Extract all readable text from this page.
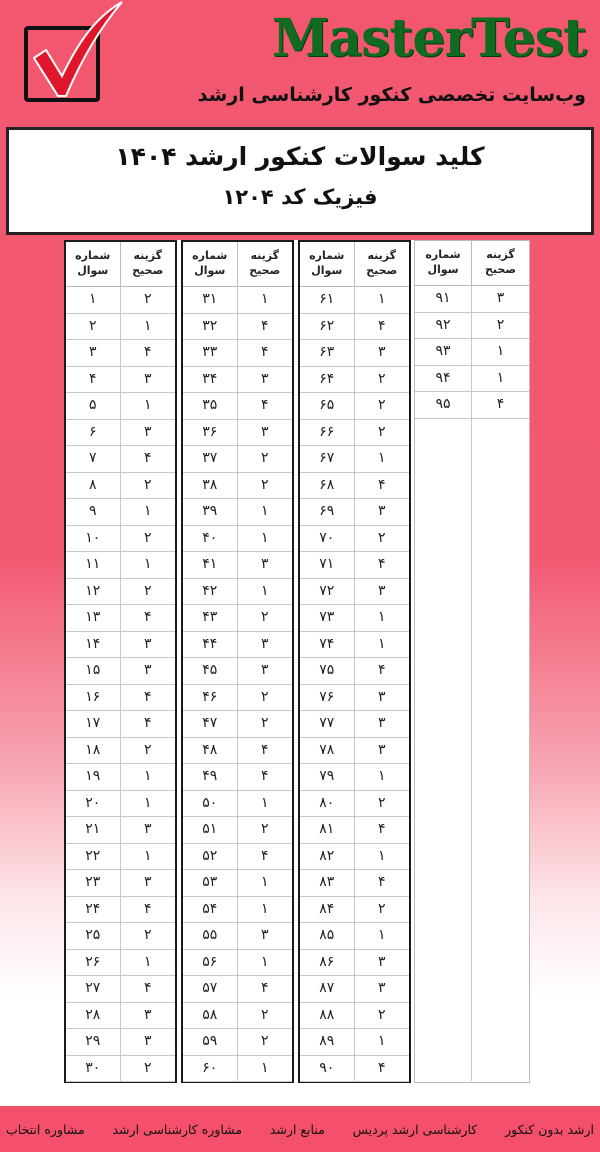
MasterTest
وب‌سایت تخصصی کنکور کارشناسی ارشد
کلید سوالات کنکور ارشد ۱۴۰۴
فیزیک کد ۱۲۰۴
شماره سوال
گزینه صحیح
۱	۲
۲	۱
۳	۴
۴	۳
۵	۱
۶	۳
۷	۴
۸	۲
۹	۱
۱۰	۲
۱۱	۱
۱۲	۲
۱۳	۴
۱۴	۳
۱۵	۳
۱۶	۴
۱۷	۴
۱۸	۲
۱۹	۱
۲۰	۱
۲۱	۳
۲۲	۱
۲۳	۳
۲۴	۴
۲۵	۲
۲۶	۱
۲۷	۴
۲۸	۳
۲۹	۳
۳۰	۲
شماره سوال
گزینه صحیح
۳۱	۱
۳۲	۴
۳۳	۴
۳۴	۳
۳۵	۴
۳۶	۳
۳۷	۲
۳۸	۲
۳۹	۱
۴۰	۱
۴۱	۳
۴۲	۱
۴۳	۲
۴۴	۳
۴۵	۳
۴۶	۲
۴۷	۲
۴۸	۴
۴۹	۴
۵۰	۱
۵۱	۲
۵۲	۴
۵۳	۱
۵۴	۱
۵۵	۳
۵۶	۱
۵۷	۴
۵۸	۲
۵۹	۲
۶۰	۱
شماره سوال
گزینه صحیح
۶۱	۱
۶۲	۴
۶۳	۳
۶۴	۲
۶۵	۲
۶۶	۲
۶۷	۱
۶۸	۴
۶۹	۳
۷۰	۲
۷۱	۴
۷۲	۳
۷۳	۱
۷۴	۱
۷۵	۴
۷۶	۳
۷۷	۳
۷۸	۳
۷۹	۱
۸۰	۲
۸۱	۴
۸۲	۱
۸۳	۴
۸۴	۲
۸۵	۱
۸۶	۳
۸۷	۳
۸۸	۲
۸۹	۱
۹۰	۴
شماره سوال
گزینه صحیح
۹۱	۳
۹۲	۲
۹۳	۱
۹۴	۱
۹۵	۴
ارشد بدون کنکور
کارشناسی ارشد پردیس
منابع ارشد
مشاوره کارشناسی ارشد
مشاوره انتخاب
